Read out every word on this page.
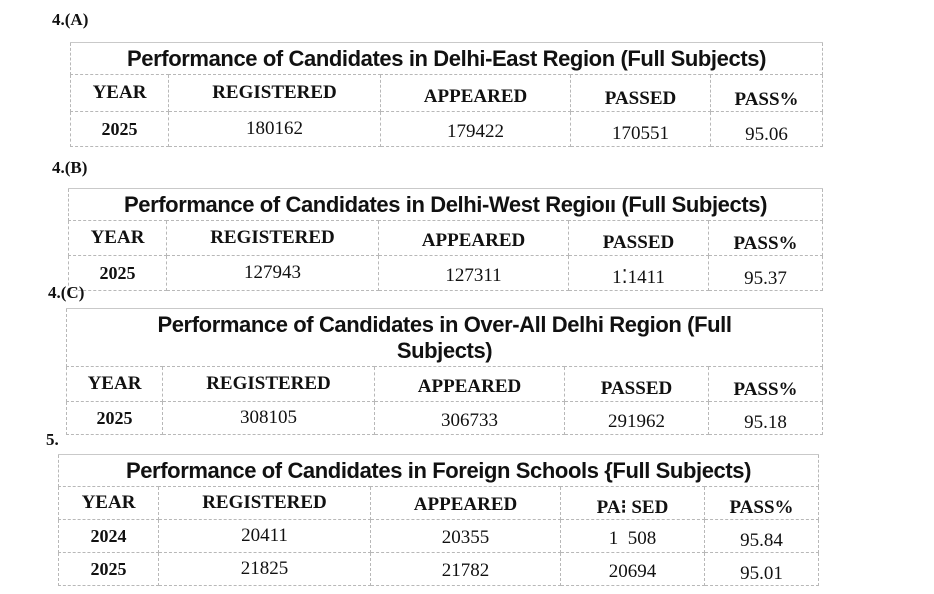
4.(A)
Performance of Candidates in Delhi-East Region (Full Subjects)				
YEAR	REGISTERED	APPEARED	PASSED	PASS%
2025	180162	179422	170551	95.06
4.(B)
Performance of Candidates in Delhi-West Regioıı (Full Subjects)				
YEAR	REGISTERED	APPEARED	PASSED	PASS%
2025	127943	127311	1⁚1411	95.37
4.(C)
Performance of Candidates in Over-All Delhi Region (Full
Subjects)				

YEAR	REGISTERED	APPEARED	PASSED	PASS%
2025	308105	306733	291962	95.18
5.
Performance of Candidates in Foreign Schools {Full Subjects)				
YEAR	REGISTERED	APPEARED	PA⁝ SED	PASS%
2024	20411	20355	1  508	95.84
2025	21825	21782	20694	95.01
